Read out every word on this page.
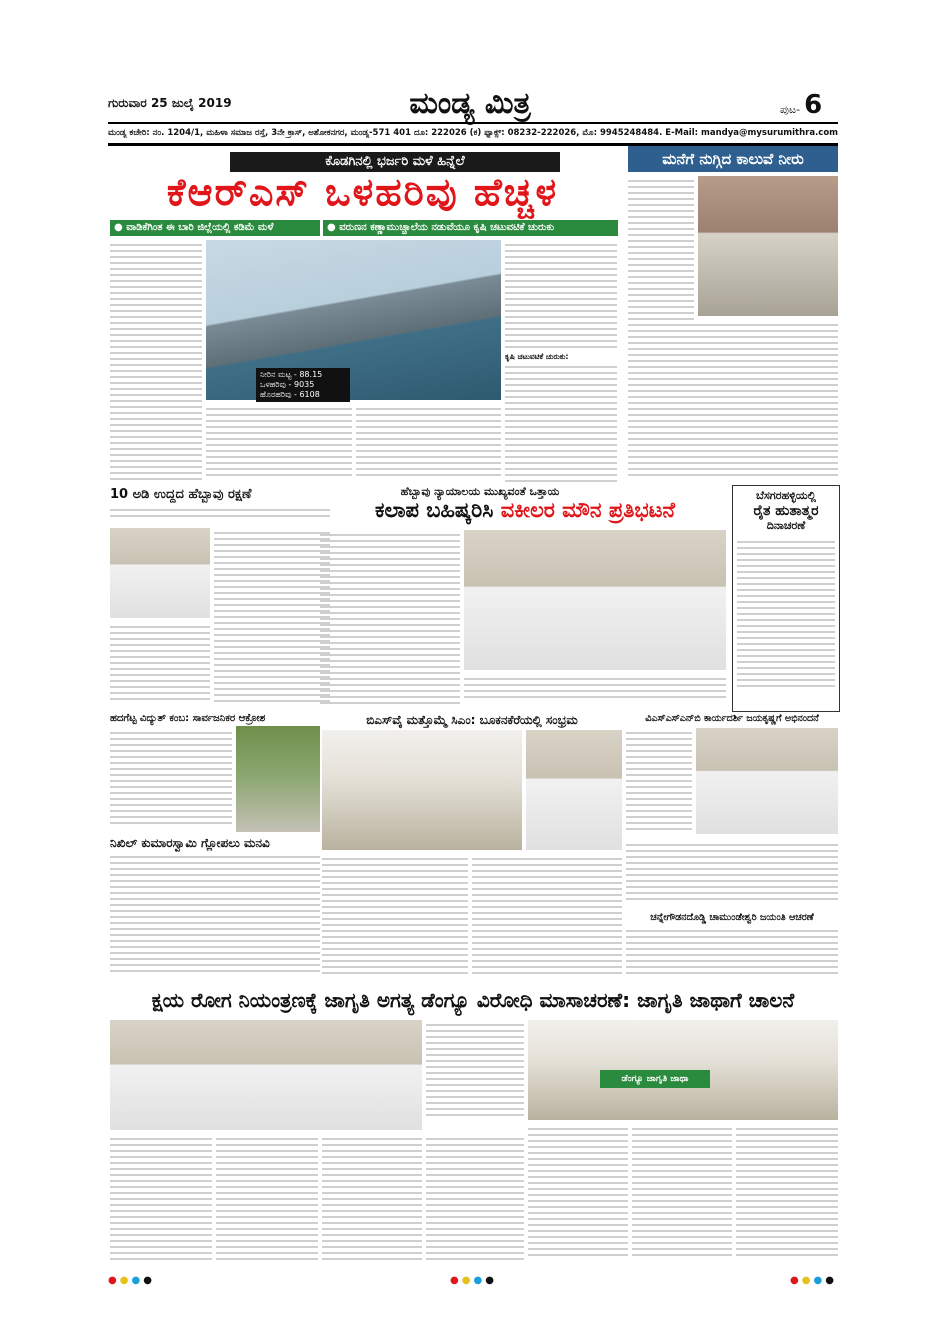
ಗುರುವಾರ 25 ಜುಲೈ 2019	ಮಂಡ್ಯ ಮಿತ್ರ	ಪುಟ- 6
ಮಂಡ್ಯ ಕಚೇರಿ: ನಂ. 1204/1, ಮಹಿಳಾ ಸಮಾಜ ರಸ್ತೆ, 3ನೇ ಕ್ರಾಸ್, ಅಶೋಕನಗರ, ಮಂಡ್ಯ-571 401 ದೂ: 222026 (ಕ) ಫ್ಯಾಕ್ಸ್: 08232-222026, ಮೊ: 9945248484. E-Mail: mandya@mysurumithra.com
ಕೊಡಗಿನಲ್ಲಿ ಭರ್ಜರಿ ಮಳೆ ಹಿನ್ನೆಲೆ
ಕೆಆರ್‌ಎಸ್ ಒಳಹರಿವು ಹೆಚ್ಚಳ
● ವಾಡಿಕೆಗಿಂತ ಈ ಬಾರಿ ಜಿಲ್ಲೆಯಲ್ಲಿ ಕಡಿಮೆ ಮಳೆ	● ವರುಣನ ಕಣ್ಣಾಮುಚ್ಚಾಲೆಯ ನಡುವೆಯೂ ಕೃಷಿ ಚಟುವಟಿಕೆ ಚುರುಕು
ನೀರಿನ ಮಟ್ಟ - 88.15
ಒಳಹರಿವು - 9035
ಹೊರಹರಿವು - 6108
ಕೃಷಿ ಚಟುವಟಿಕೆ ಚುರುಕು:
ಮನೆಗೆ ನುಗ್ಗಿದ ಕಾಲುವೆ ನೀರು
10 ಅಡಿ ಉದ್ದದ ಹೆಬ್ಬಾವು ರಕ್ಷಣೆ	ಹೆಬ್ಬಾವು ನ್ಯಾಯಾಲಯ ಮುಖ್ಯವಂತೆ ಒತ್ತಾಯ
ಕಲಾಪ ಬಹಿಷ್ಕರಿಸಿ ವಕೀಲರ ಮೌನ ಪ್ರತಿಭಟನೆ
ಬೆಸಗರಹಳ್ಳಿಯಲ್ಲಿ
ರೈತ ಹುತಾತ್ಮರ
ದಿನಾಚರಣೆ
ಹದಗೆಟ್ಟ ವಿದ್ಯುತ್ ಕಂಬ: ಸಾರ್ವಜನಿಕರ ಆಕ್ರೋಶ
ನಿಖಿಲ್ ಕುಮಾರಸ್ವಾಮಿ ಗ್ಲೋಪಲು ಮನವಿ
ಬಿಎಸ್‌ವೈ ಮತ್ತೊಮ್ಮೆ ಸಿಎಂ: ಬೂಕನಕೆರೆಯಲ್ಲಿ ಸಂಭ್ರಮ	ವಿಎಸ್‌ಎಸ್‌ಎನ್‌ಬಿ ಕಾರ್ಯದರ್ಶಿ ಜಯಕೃಷ್ಣಗೆ ಅಭಿನಂದನೆ
ಚನ್ನೇಗೌಡನದೊಡ್ಡಿ ಚಾಮುಂಡೇಶ್ವರಿ ಜಯಂತಿ ಆಚರಣೆ
ಕ್ಷಯ ರೋಗ ನಿಯಂತ್ರಣಕ್ಕೆ ಜಾಗೃತಿ ಅಗತ್ಯ ಡೆಂಗ್ಯೂ ವಿರೋಧಿ ಮಾಸಾಚರಣೆ: ಜಾಗೃತಿ ಜಾಥಾಗೆ ಚಾಲನೆ
ಡೆಂಗ್ಯೂ ಜಾಗೃತಿ ಜಾಥಾ
●●●●	●●●●	●●●●
